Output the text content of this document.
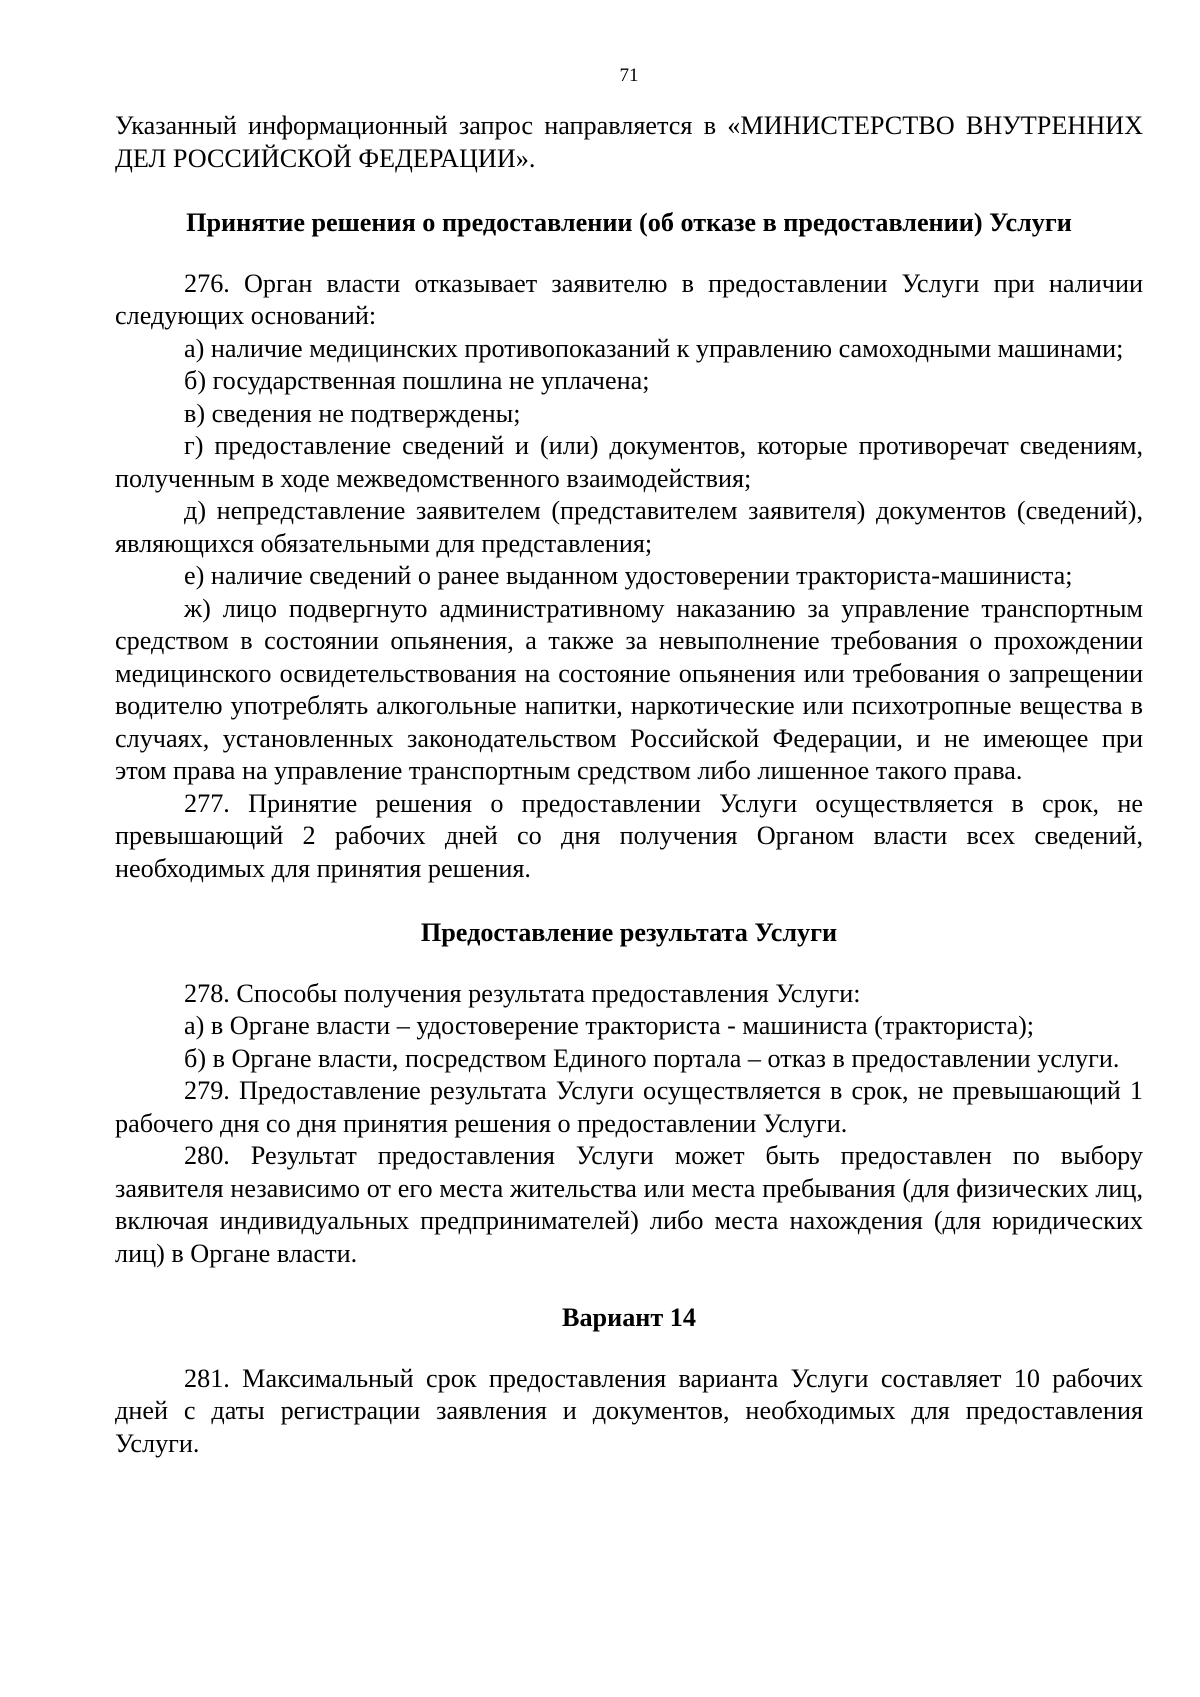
71

Указанный информационный запрос направляется в «МИНИСТЕРСТВО ВНУТРЕННИХ ДЕЛ РОССИЙСКОЙ ФЕДЕРАЦИИ».

Принятие решения о предоставлении (об отказе в предоставлении) Услуги

276. Орган власти отказывает заявителю в предоставлении Услуги при наличии следующих оснований:

а) наличие медицинских противопоказаний к управлению самоходными машинами;

б) государственная пошлина не уплачена;

в) сведения не подтверждены;

г) предоставление сведений и (или) документов, которые противоречат сведениям, полученным в ходе межведомственного взаимодействия;

д) непредставление заявителем (представителем заявителя) документов (сведений), являющихся обязательными для представления;

е) наличие сведений о ранее выданном удостоверении тракториста-машиниста;

ж) лицо подвергнуто административному наказанию за управление транспортным средством в состоянии опьянения, а также за невыполнение требования о прохождении медицинского освидетельствования на состояние опьянения или требования о запрещении водителю употреблять алкогольные напитки, наркотические или психотропные вещества в случаях, установленных законодательством Российской Федерации, и не имеющее при этом права на управление транспортным средством либо лишенное такого права.

277. Принятие решения о предоставлении Услуги осуществляется в срок, не превышающий 2 рабочих дней со дня получения Органом власти всех сведений, необходимых для принятия решения.

Предоставление результата Услуги

278. Способы получения результата предоставления Услуги:

а) в Органе власти – удостоверение тракториста - машиниста (тракториста);

б) в Органе власти, посредством Единого портала – отказ в предоставлении услуги.

279. Предоставление результата Услуги осуществляется в срок, не превышающий 1 рабочего дня со дня принятия решения о предоставлении Услуги.

280. Результат предоставления Услуги может быть предоставлен по выбору заявителя независимо от его места жительства или места пребывания (для физических лиц, включая индивидуальных предпринимателей) либо места нахождения (для юридических лиц) в Органе власти.

Вариант 14

281. Максимальный срок предоставления варианта Услуги составляет 10 рабочих дней с даты регистрации заявления и документов, необходимых для предоставления Услуги.
